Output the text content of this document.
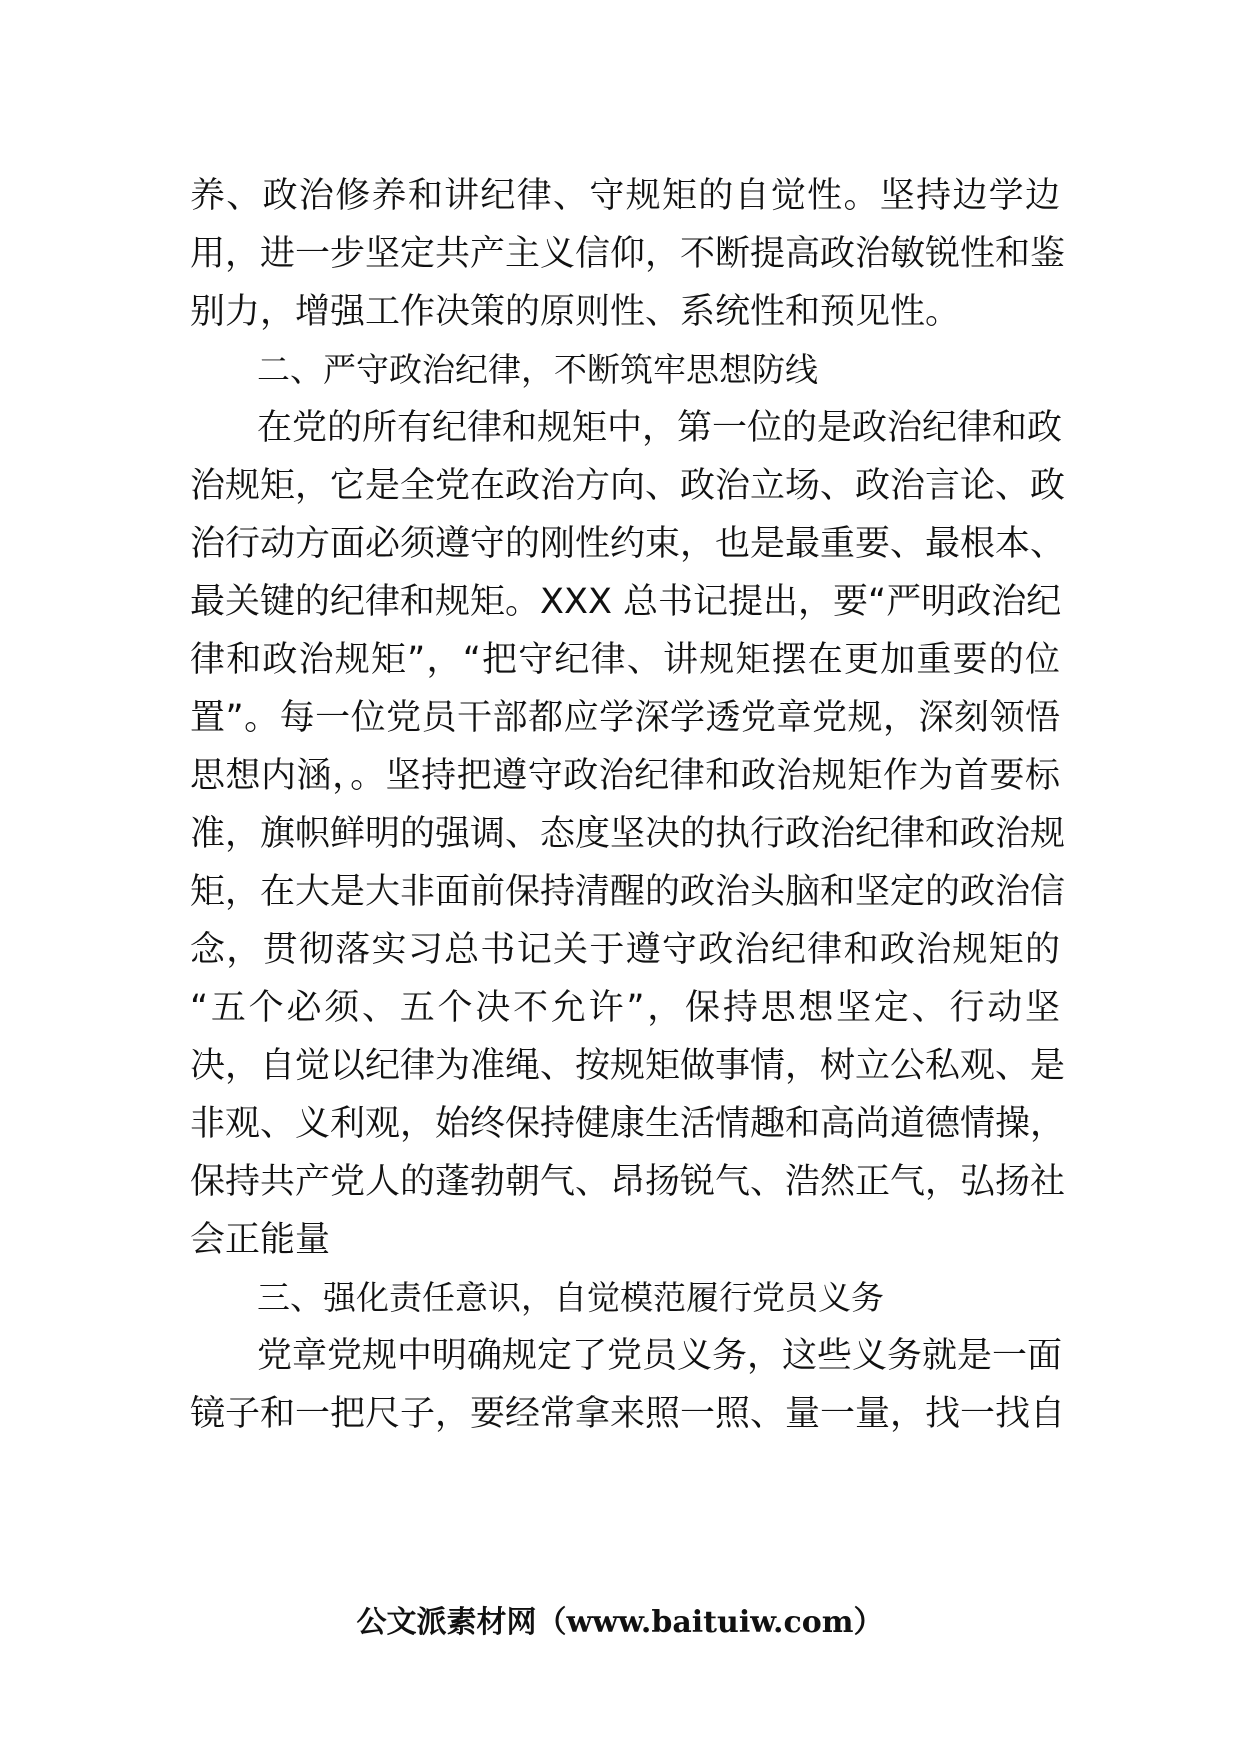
养、政治修养和讲纪律、守规矩的自觉性。坚持边学边
用，进一步坚定共产主义信仰，不断提高政治敏锐性和鉴
别力，增强工作决策的原则性、系统性和预见性。
二、严守政治纪律，不断筑牢思想防线
在党的所有纪律和规矩中，第一位的是政治纪律和政
治规矩，它是全党在政治方向、政治立场、政治言论、政
治行动方面必须遵守的刚性约束，也是最重要、最根本、
最关键的纪律和规矩。XXX 总书记提出，要“严明政治纪
律和政治规矩”，“把守纪律、讲规矩摆在更加重要的位
置”。每一位党员干部都应学深学透党章党规，深刻领悟
思想内涵，。坚持把遵守政治纪律和政治规矩作为首要标
准，旗帜鲜明的强调、态度坚决的执行政治纪律和政治规
矩，在大是大非面前保持清醒的政治头脑和坚定的政治信
念，贯彻落实习总书记关于遵守政治纪律和政治规矩的
“五个必须、五个决不允许”，保持思想坚定、行动坚
决，自觉以纪律为准绳、按规矩做事情，树立公私观、是
非观、义利观，始终保持健康生活情趣和高尚道德情操，
保持共产党人的蓬勃朝气、昂扬锐气、浩然正气，弘扬社
会正能量
三、强化责任意识，自觉模范履行党员义务
党章党规中明确规定了党员义务，这些义务就是一面
镜子和一把尺子，要经常拿来照一照、量一量，找一找自
公文派素材网（www.baituiw.com）
